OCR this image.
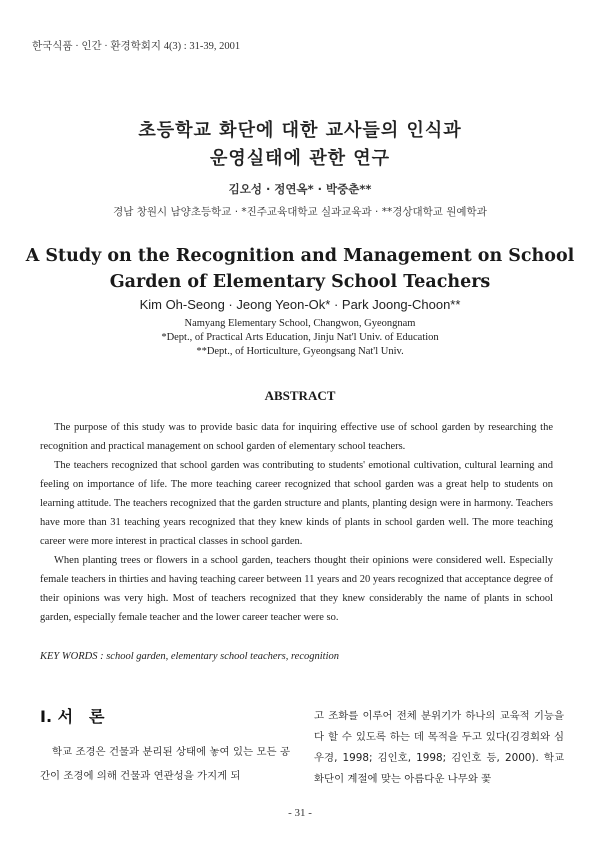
한국식품 · 인간 · 환경학회지 4(3) : 31-39, 2001
초등학교 화단에 대한 교사들의 인식과
운영실태에 관한 연구
김오성 · 정연옥* · 박중춘**
경남 창원시 남양초등학교 · *진주교육대학교 실과교육과 · **경상대학교 원예학과
A Study on the Recognition and Management on School
Garden of Elementary School Teachers
Kim Oh-Seong · Jeong Yeon-Ok* · Park Joong-Choon**
Namyang Elementary School, Changwon, Gyeongnam
*Dept., of Practical Arts Education, Jinju Nat'l Univ. of Education
**Dept., of Horticulture, Gyeongsang Nat'l Univ.
ABSTRACT

The purpose of this study was to provide basic data for inquiring effective use of school garden by researching the recognition and practical management on school garden of elementary school teachers.

The teachers recognized that school garden was contributing to students' emotional cultivation, cultural learning and feeling on importance of life. The more teaching career recognized that school garden was a great help to students on learning attitude. The teachers recognized that the garden structure and plants, planting design were in harmony. Teachers have more than 31 teaching years recognized that they knew kinds of plants in school garden well. The more teaching career were more interest in practical classes in school garden.

When planting trees or flowers in a school garden, teachers thought their opinions were considered well. Especially female teachers in thirties and having teaching career between 11 years and 20 years recognized that acceptance degree of their opinions was very high. Most of teachers recognized that they knew considerably the name of plants in school garden, especially female teacher and the lower career teacher were so.

KEY WORDS : school garden, elementary school teachers, recognition
I. 서　론

학교 조경은 건물과 분리된 상태에 놓여 있는 모든 공간이 조경에 의해 건물과 연관성을 가지게 되

고 조화를 이루어 전체 분위기가 하나의 교육적 기능을 다 할 수 있도록 하는 데 목적을 두고 있다(김경회와 심우경, 1998; 김인호, 1998; 김인호 등, 2000). 학교 화단이 계절에 맞는 아름다운 나무와 꽃

- 31 -
